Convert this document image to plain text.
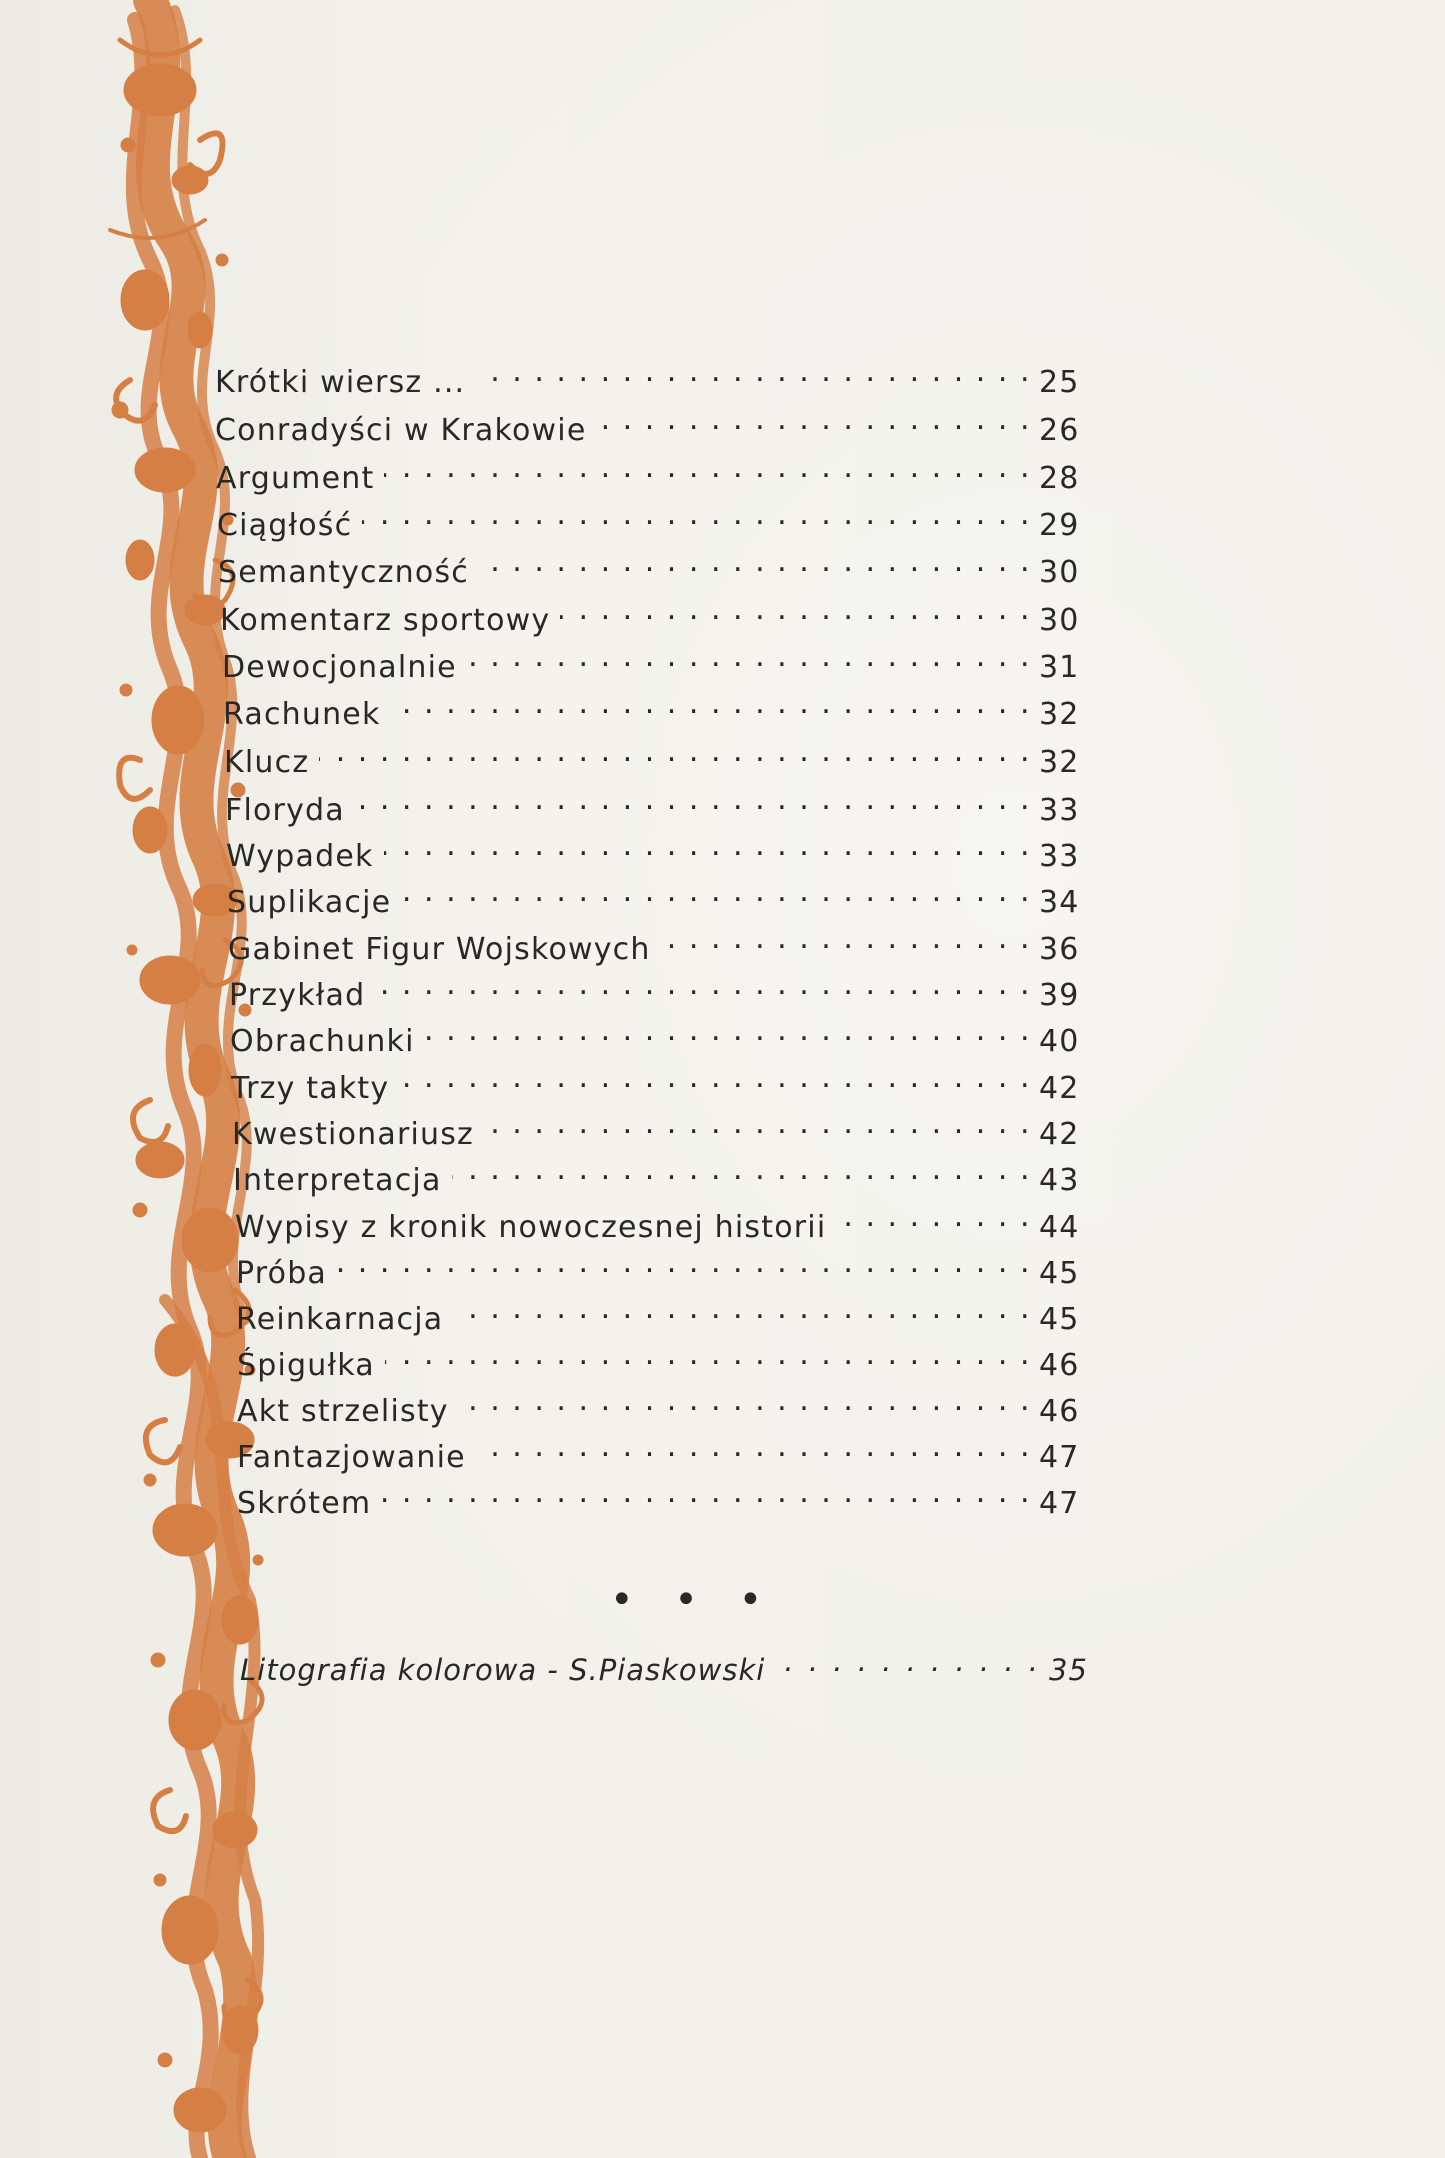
Krótki wiersz ... . . .	25
Conradyści w Krakowie . . .	26
Argument . . .	28
Ciągłość . . .	29
Semantyczność . . .	30
Komentarz sportowy . . .	30
Dewocjonalnie . . .	31
Rachunek . . .	32
Klucz . . .	32
Floryda . . .	33
Wypadek . . .	33
Suplikacje . . .	34
Gabinet Figur Wojskowych . . .	36
Przykład . . .	39
Obrachunki . . .	40
Trzy takty . . .	42
Kwestionariusz . . .	42
Interpretacja . . .	43
Wypisy z kronik nowoczesnej historii . . .	44
Próba . . .	45
Reinkarnacja . . .	45
Śpigułka . . .	46
Akt strzelisty . . .	46
Fantazjowanie . . .	47
Skrótem . . .	47
• • •
Litografia kolorowa - S.Piaskowski . . .	35
